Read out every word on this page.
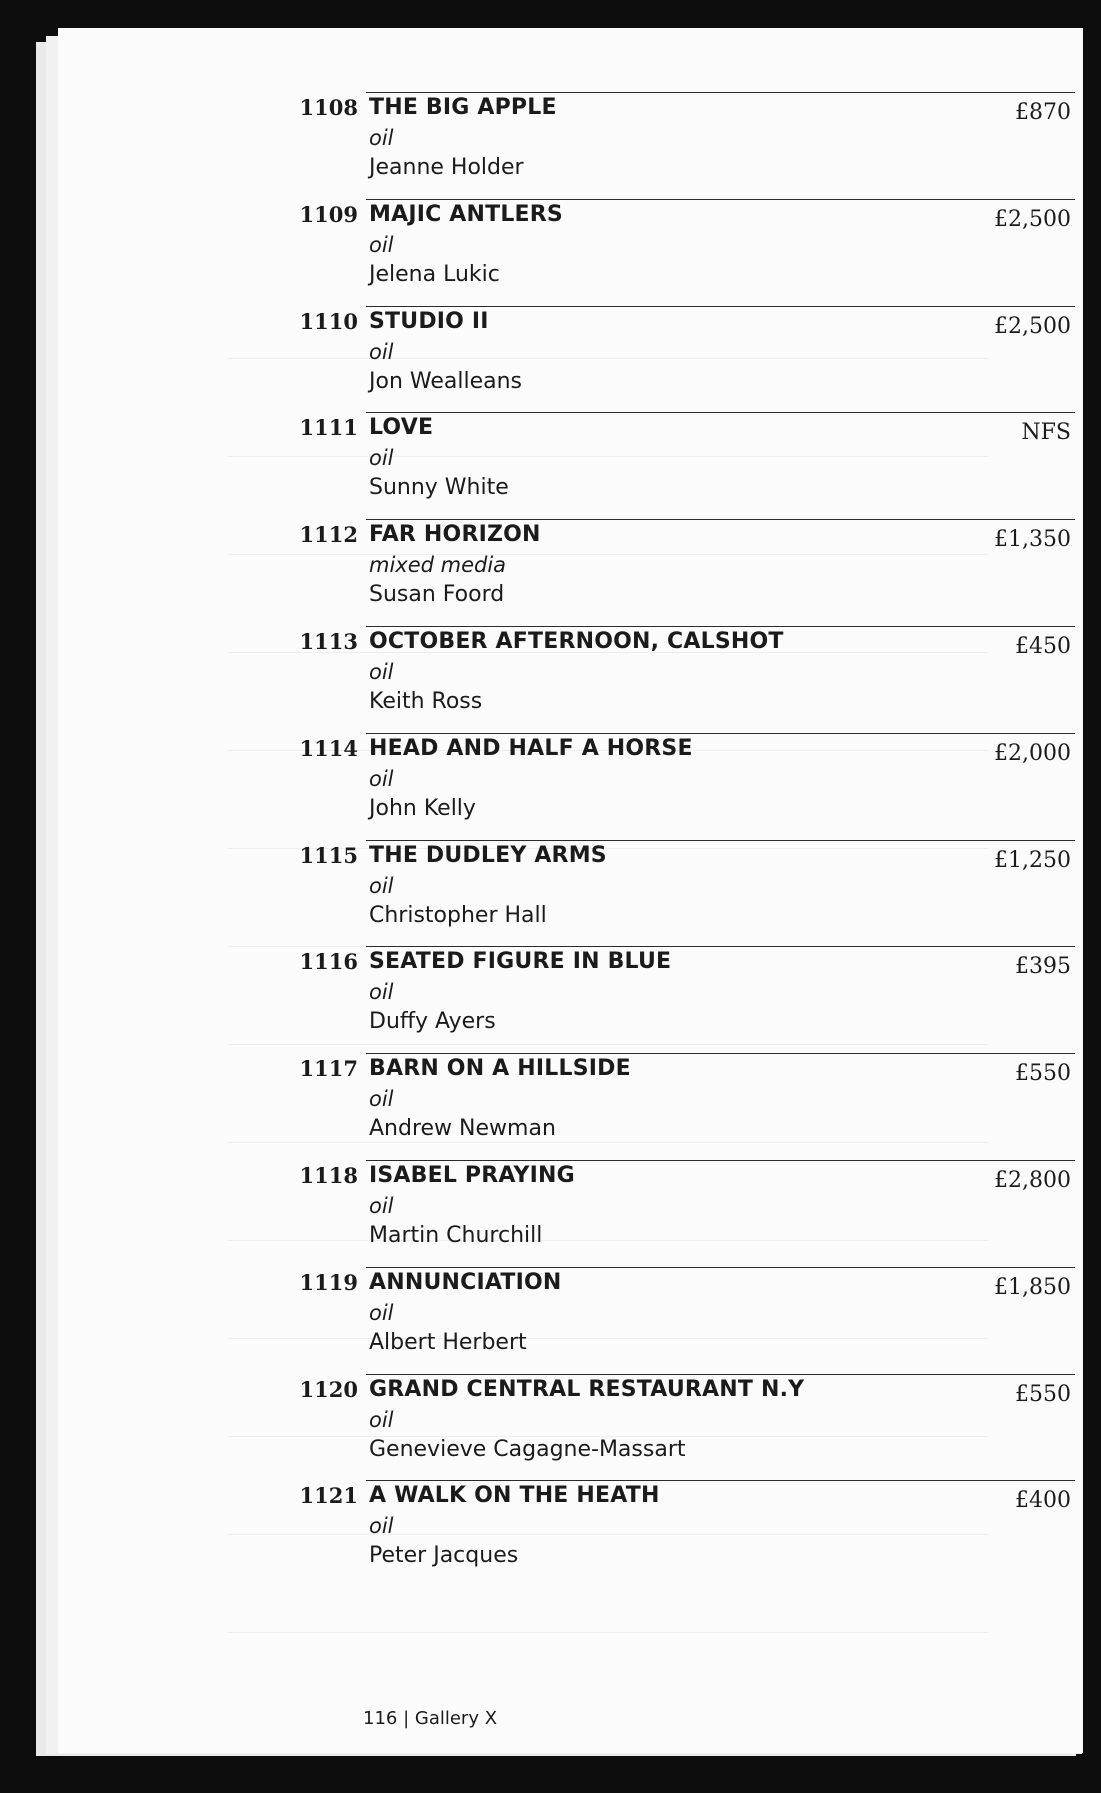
1108 THE BIG APPLE
oil
Jeanne Holder
£870
1109 MAJIC ANTLERS
oil
Jelena Lukic
£2,500
1110 STUDIO II
oil
Jon Wealleans
£2,500
1111 LOVE
oil
Sunny White
NFS
1112 FAR HORIZON
mixed media
Susan Foord
£1,350
1113 OCTOBER AFTERNOON, CALSHOT
oil
Keith Ross
£450
1114 HEAD AND HALF A HORSE
oil
John Kelly
£2,000
1115 THE DUDLEY ARMS
oil
Christopher Hall
£1,250
1116 SEATED FIGURE IN BLUE
oil
Duffy Ayers
£395
1117 BARN ON A HILLSIDE
oil
Andrew Newman
£550
1118 ISABEL PRAYING
oil
Martin Churchill
£2,800
1119 ANNUNCIATION
oil
Albert Herbert
£1,850
1120 GRAND CENTRAL RESTAURANT N.Y
oil
Genevieve Cagagne-Massart
£550
1121 A WALK ON THE HEATH
oil
Peter Jacques
£400
116 | Gallery X
